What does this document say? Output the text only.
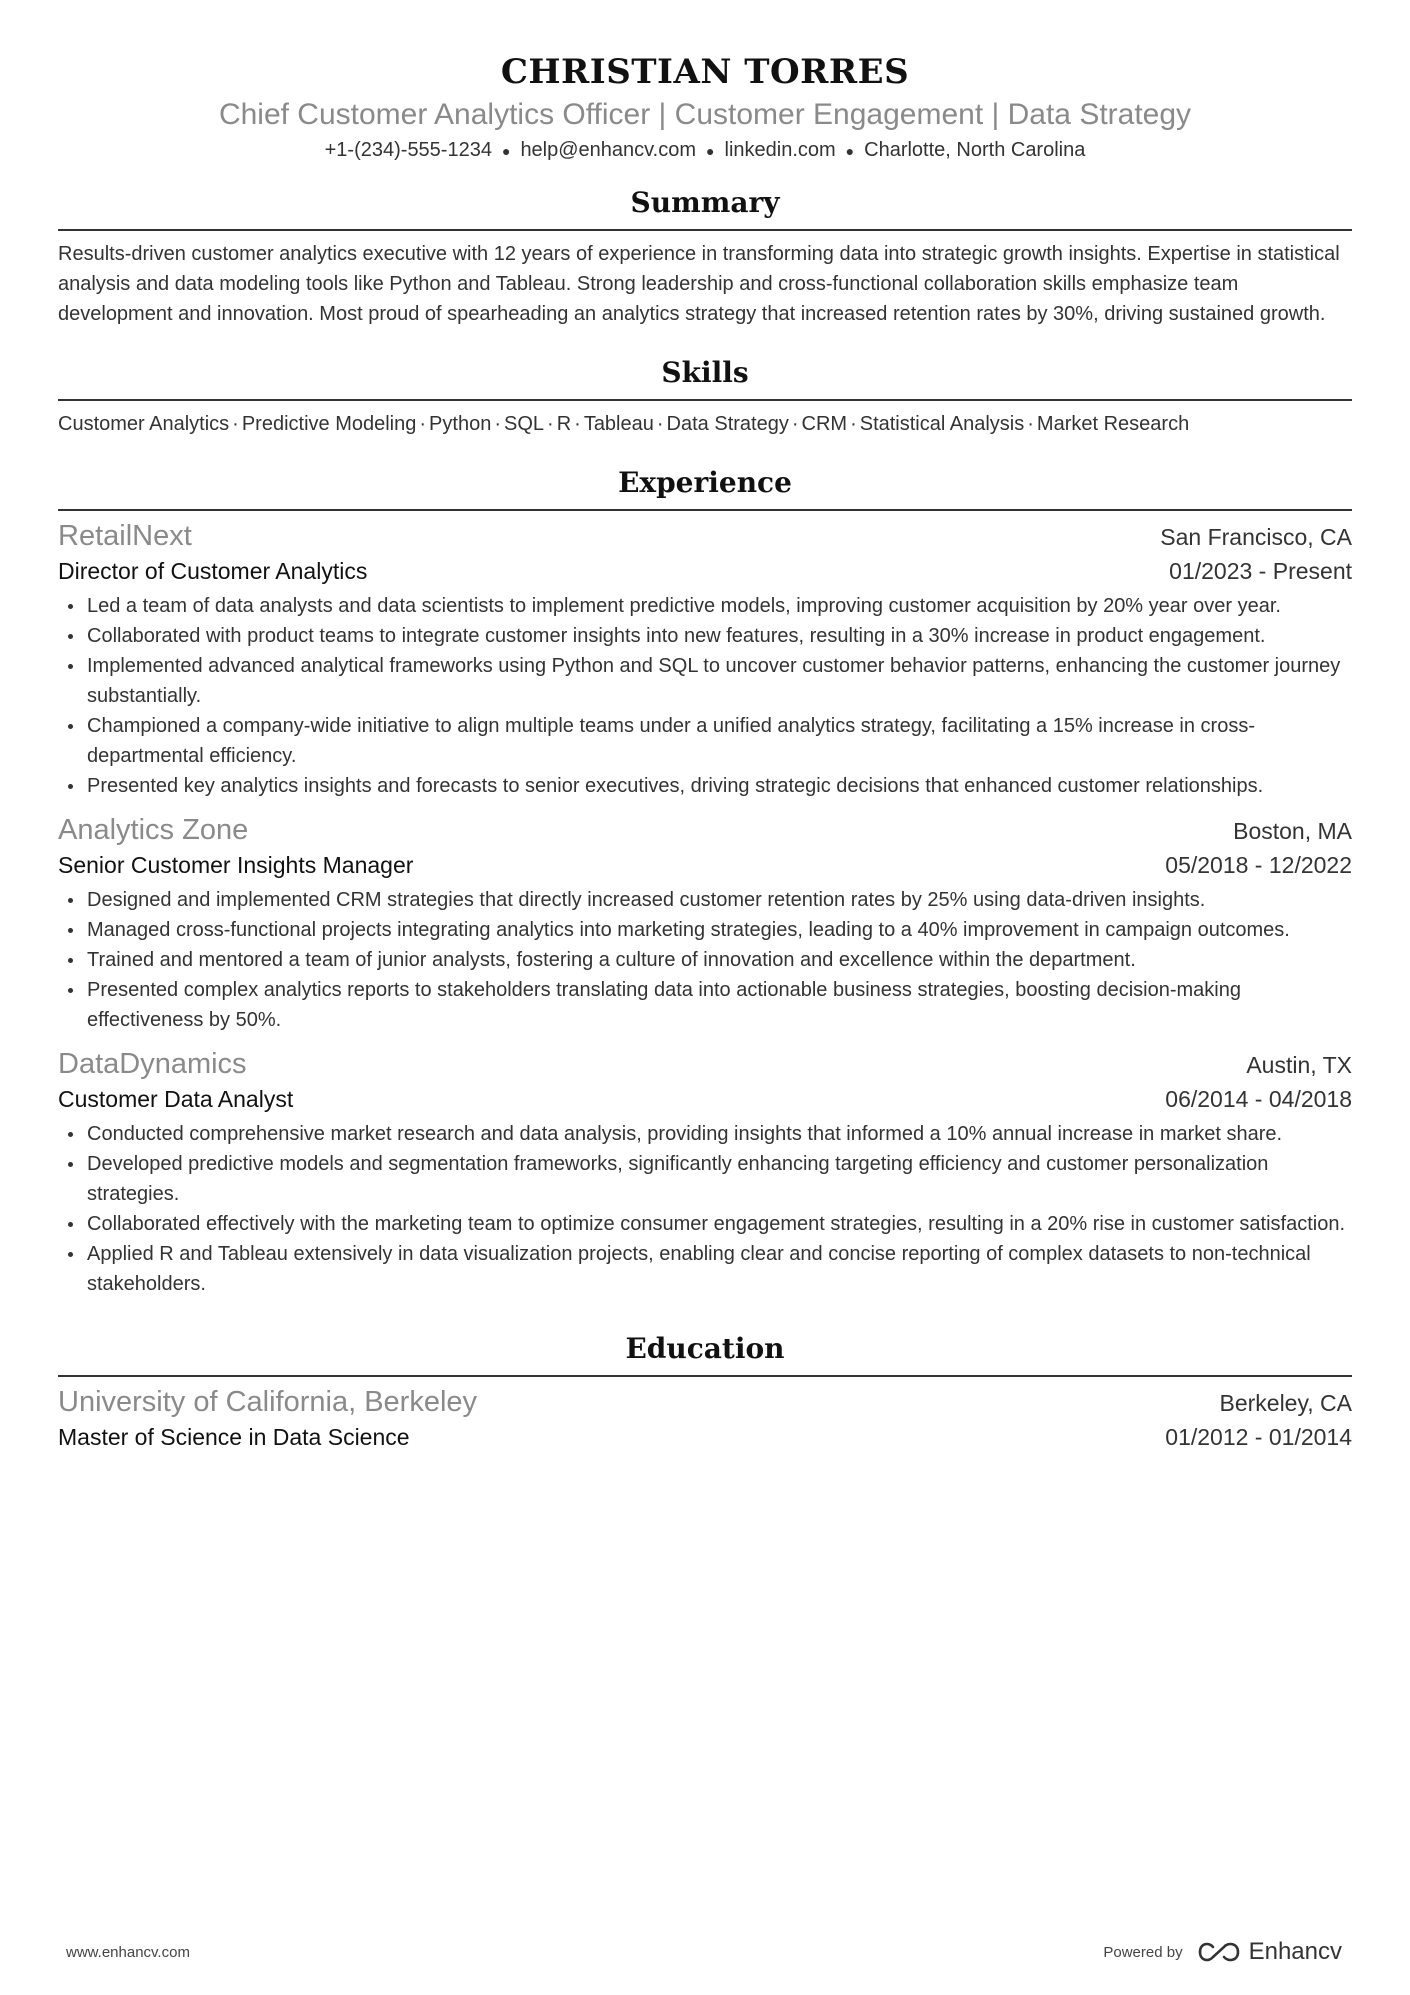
CHRISTIAN TORRES
Chief Customer Analytics Officer | Customer Engagement | Data Strategy
+1-(234)-555-1234 ● help@enhancv.com ● linkedin.com ● Charlotte, North Carolina
Summary
Results-driven customer analytics executive with 12 years of experience in transforming data into strategic growth insights. Expertise in statistical analysis and data modeling tools like Python and Tableau. Strong leadership and cross-functional collaboration skills emphasize team development and innovation. Most proud of spearheading an analytics strategy that increased retention rates by 30%, driving sustained growth.
Skills
Customer Analytics · Predictive Modeling · Python · SQL · R · Tableau · Data Strategy · CRM · Statistical Analysis · Market Research
Experience
RetailNext	San Francisco, CA
Director of Customer Analytics	01/2023 - Present
Led a team of data analysts and data scientists to implement predictive models, improving customer acquisition by 20% year over year.
Collaborated with product teams to integrate customer insights into new features, resulting in a 30% increase in product engagement.
Implemented advanced analytical frameworks using Python and SQL to uncover customer behavior patterns, enhancing the customer journey substantially.
Championed a company-wide initiative to align multiple teams under a unified analytics strategy, facilitating a 15% increase in cross-departmental efficiency.
Presented key analytics insights and forecasts to senior executives, driving strategic decisions that enhanced customer relationships.
Analytics Zone	Boston, MA
Senior Customer Insights Manager	05/2018 - 12/2022
Designed and implemented CRM strategies that directly increased customer retention rates by 25% using data-driven insights.
Managed cross-functional projects integrating analytics into marketing strategies, leading to a 40% improvement in campaign outcomes.
Trained and mentored a team of junior analysts, fostering a culture of innovation and excellence within the department.
Presented complex analytics reports to stakeholders translating data into actionable business strategies, boosting decision-making effectiveness by 50%.
DataDynamics	Austin, TX
Customer Data Analyst	06/2014 - 04/2018
Conducted comprehensive market research and data analysis, providing insights that informed a 10% annual increase in market share.
Developed predictive models and segmentation frameworks, significantly enhancing targeting efficiency and customer personalization strategies.
Collaborated effectively with the marketing team to optimize consumer engagement strategies, resulting in a 20% rise in customer satisfaction.
Applied R and Tableau extensively in data visualization projects, enabling clear and concise reporting of complex datasets to non-technical stakeholders.
Education
University of California, Berkeley	Berkeley, CA
Master of Science in Data Science	01/2012 - 01/2014
www.enhancv.com	Powered by	Enhancv
